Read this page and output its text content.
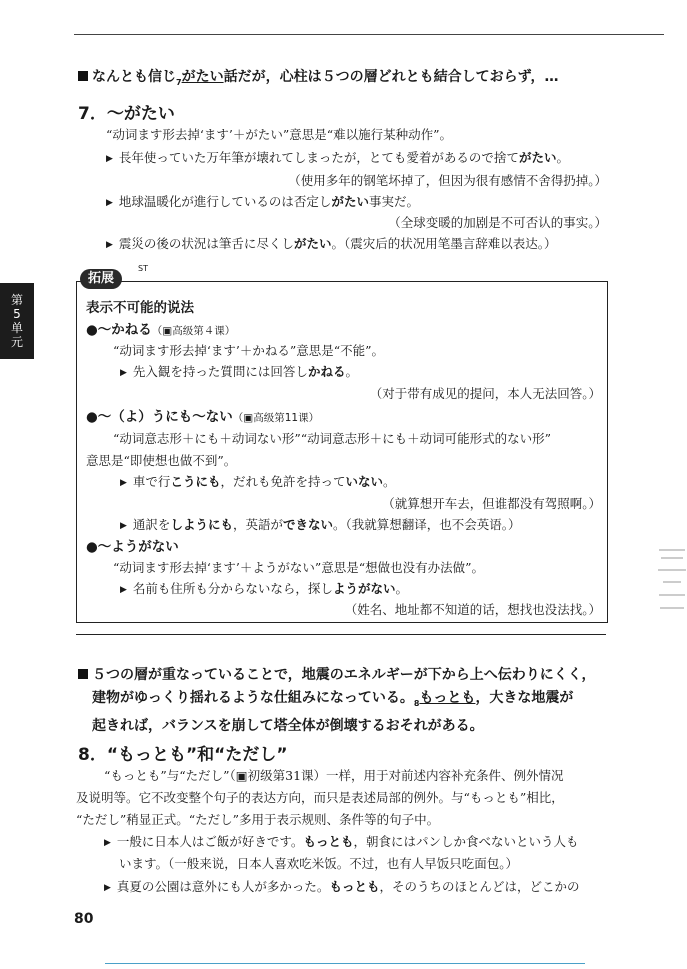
第
5
单
元
なんとも信じ$_7$がたい話だが，心柱は５つの層どれとも結合しておらず，…
7．～がたい
“动词ます形去掉‘ます’＋がたい”意思是“难以施行某种动作”。
▶ 長年使っていた万年筆が壊れてしまったが，とても愛着があるので捨てがたい。
（使用多年的钢笔坏掉了，但因为很有感情不舍得扔掉。）
▶ 地球温暖化が進行しているのは否定しがたい事実だ。
（全球变暖的加剧是不可否认的事实。）
▶ 震災の後の状況は筆舌に尽くしがたい。（震灾后的状况用笔墨言辞难以表达。）
拓展
ST
表示不可能的说法
●～かねる（▣高级第４课）
“动词ます形去掉‘ます’＋かねる”意思是“不能”。
▶ 先入観を持った質問には回答しかねる。
（对于带有成见的提问，本人无法回答。）
●～（よ）うにも～ない（▣高级第11课）
“动词意志形＋にも＋动词ない形”“动词意志形＋にも＋动词可能形式的ない形”
意思是“即使想也做不到”。
▶ 車で行こうにも，だれも免許を持っていない。
（就算想开车去，但谁都没有驾照啊。）
▶ 通訳をしようにも，英語ができない。（我就算想翻译，也不会英语。）
●～ようがない
“动词ます形去掉‘ます’＋ようがない”意思是“想做也没有办法做”。
▶ 名前も住所も分からないなら，探しようがない。
（姓名、地址都不知道的话，想找也没法找。）
５つの層が重なっていることで，地震のエネルギーが下から上へ伝わりにくく，
建物がゆっくり揺れるような仕組みになっている。$_8$もっとも，大きな地震が
起きれば，バランスを崩して塔全体が倒壊するおそれがある。
8．“もっとも”和“ただし”
“もっとも”与“ただし”（▣初级第31课）一样，用于对前述内容补充条件、例外情况
及说明等。它不改变整个句子的表达方向，而只是表述局部的例外。与“もっとも”相比，
“ただし”稍显正式。“ただし”多用于表示规则、条件等的句子中。
▶ 一般に日本人はご飯が好きです。もっとも，朝食にはパンしか食べないという人も
います。（一般来说，日本人喜欢吃米饭。不过，也有人早饭只吃面包。）
▶ 真夏の公園は意外にも人が多かった。もっとも，そのうちのほとんどは，どこかの
80
